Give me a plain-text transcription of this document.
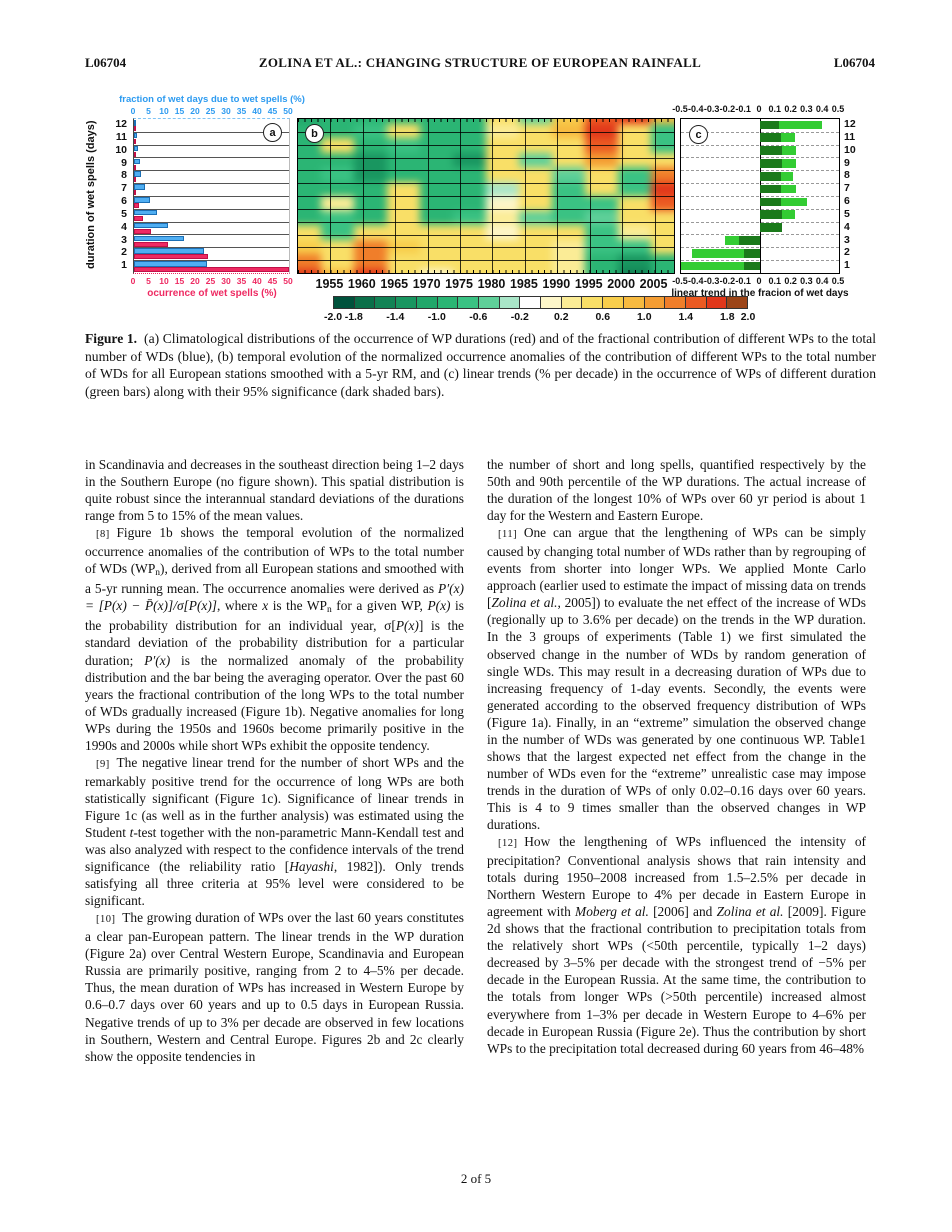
L06704	ZOLINA ET AL.: CHANGING STRUCTURE OF EUROPEAN RAINFALL	L06704
fraction of wet days due to wet spells (%)
0 5 10 15 20 25 30 35 40 45 50
duration of wet spells (days)	12
11
10
9
8
7
6
5
4
3
2
1
a
0 5 10 15 20 25 30 35 40 45 50
ocurrence of wet spells (%)
b
1955 1960 1965 1970 1975 1980 1985 1990 1995 2000 2005
-2.0 -1.8 -1.4 -1.0 -0.6 -0.2 0.2	0.6	1.0	1.4	1.8 2.0
-0.5 -0.4 -0.3 -0.2 -0.1 0 0.1 0.2 0.3 0.4 0.5
c
12
11
10
9
8
7
6
5
4
3
2
1
-0.5 -0.4 -0.3 -0.2 -0.1 0 0.1 0.2 0.3 0.4 0.5
linear trend in the fracion of wet days
Figure 1. (a) Climatological distributions of the occurrence of WP durations (red) and of the fractional contribution of different WPs to the total number of WDs (blue), (b) temporal evolution of the normalized occurrence anomalies of the contribution of different WPs to the total number of WDs for all European stations smoothed with a 5-yr RM, and (c) linear trends (% per decade) in the occurrence of WPs of different duration (green bars) along with their 95% significance (dark shaded bars).

in Scandinavia and decreases in the southeast direction being 1–2 days in the Southern Europe (no figure shown). This spatial distribution is quite robust since the interannual standard deviations of the durations range from 5 to 15% of the mean values.

[8]  Figure 1b shows the temporal evolution of the normalized occurrence anomalies of the contribution of WPs to the total number of WDs (WPn), derived from all European stations and smoothed with a 5-yr running mean. The occurrence anomalies were derived as P′(x) = [P(x) − P̄(x)]/σ[P(x)], where x is the WPn for a given WP, P(x) is the probability distribution for an individual year, σ[P(x)] is the standard deviation of the probability distribution for a particular duration; P′(x) is the normalized anomaly of the probability distribution and the bar being the averaging operator. Over the past 60 years the fractional contribution of the long WPs to the total number of WDs gradually increased (Figure 1b). Negative anomalies for long WPs during the 1950s and 1960s become primarily positive in the 1990s and 2000s while short WPs exhibit the opposite tendency.

[9]  The negative linear trend for the number of short WPs and the remarkably positive trend for the occurrence of long WPs are both statistically significant (Figure 1c). Significance of linear trends in Figure 1c (as well as in the further analysis) was estimated using the Student t-test together with the non-parametric Mann-Kendall test and was also analyzed with respect to the confidence intervals of the trend significance (the reliability ratio [Hayashi, 1982]). Only trends satisfying all three criteria at 95% level were considered to be significant.

[10]  The growing duration of WPs over the last 60 years constitutes a clear pan-European pattern. The linear trends in the WP duration (Figure 2a) over Central Western Europe, Scandinavia and European Russia are primarily positive, ranging from 2 to 4–5% per decade. Thus, the mean duration of WPs has increased in Western Europe by 0.6–0.7 days over 60 years and up to 0.5 days in European Russia. Negative trends of up to 3% per decade are observed in few locations in Southern, Western and Central Europe. Figures 2b and 2c clearly show the opposite tendencies in

the number of short and long spells, quantified respectively by the 50th and 90th percentile of the WP durations. The actual increase of the duration of the longest 10% of WPs over 60 yr period is about 1 day for the Western and Eastern Europe.

[11]  One can argue that the lengthening of WPs can be simply caused by changing total number of WDs rather than by regrouping of events from shorter into longer WPs. We applied Monte Carlo approach (earlier used to estimate the impact of missing data on trends [Zolina et al., 2005]) to evaluate the net effect of the increase of WDs (regionally up to 3.6% per decade) on the trends in the WP duration. In the 3 groups of experiments (Table 1) we first simulated the observed change in the number of WDs by random generation of single WDs. This may result in a decreasing duration of WPs due to increasing frequency of 1-day events. Secondly, the events were generated according to the observed frequency distribution of WPs (Figure 1a). Finally, in an “extreme” simulation the observed change in the number of WDs was generated by one continuous WP. Table1 shows that the largest expected net effect from the change in the number of WDs even for the “extreme” unrealistic case may impose trends in the duration of WPs of only 0.02–0.16 days over 60 years. This is 4 to 9 times smaller than the observed changes in WP durations.

[12]  How the lengthening of WPs influenced the intensity of precipitation? Conventional analysis shows that rain intensity and totals during 1950–2008 increased from 1.5–2.5% per decade in Northern Western Europe to 4% per decade in Eastern Europe in agreement with Moberg et al. [2006] and Zolina et al. [2009]. Figure 2d shows that the fractional contribution to precipitation totals from the relatively short WPs (<50th percentile, typically 1–2 days) decreased by 3–5% per decade with the strongest trend of −5% per decade in the European Russia. At the same time, the contribution to the totals from longer WPs (>50th percentile) increased almost everywhere from 1–3% per decade in Western Europe to 4–6% per decade in European Russia (Figure 2e). Thus the contribution by short WPs to the precipitation total decreased during 60 years from 46–48%

2 of 5
